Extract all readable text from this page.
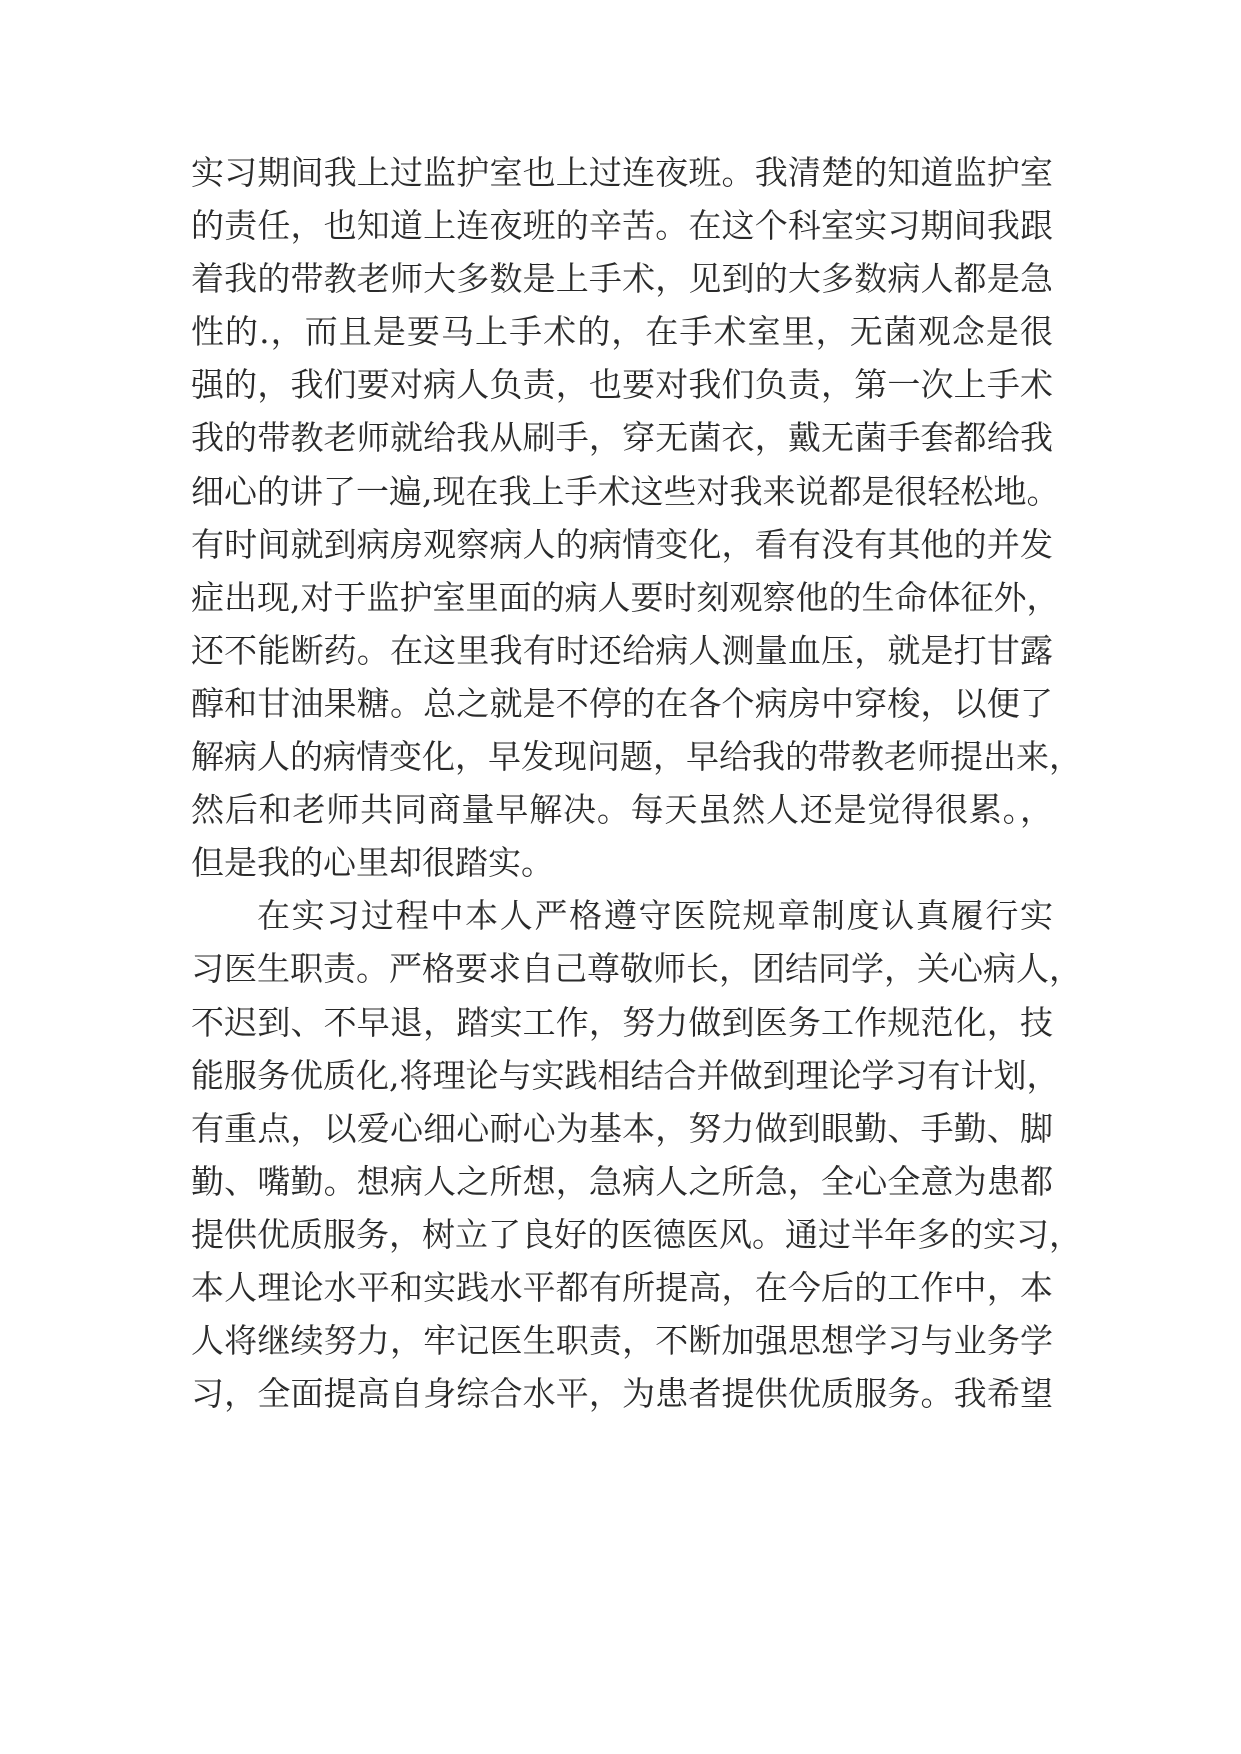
实习期间我上过监护室也上过连夜班。我清楚的知道监护室
的责任，也知道上连夜班的辛苦。在这个科室实习期间我跟
着我的带教老师大多数是上手术，见到的大多数病人都是急
性的.，而且是要马上手术的，在手术室里，无菌观念是很
强的，我们要对病人负责，也要对我们负责，第一次上手术
我的带教老师就给我从刷手，穿无菌衣，戴无菌手套都给我
细心的讲了一遍,现在我上手术这些对我来说都是很轻松地。
有时间就到病房观察病人的病情变化，看有没有其他的并发
症出现,对于监护室里面的病人要时刻观察他的生命体征外，
还不能断药。在这里我有时还给病人测量血压，就是打甘露
醇和甘油果糖。总之就是不停的在各个病房中穿梭，以便了
解病人的病情变化，早发现问题，早给我的带教老师提出来，
然后和老师共同商量早解决。每天虽然人还是觉得很累。，
但是我的心里却很踏实。
在实习过程中本人严格遵守医院规章制度认真履行实
习医生职责。严格要求自己尊敬师长，团结同学，关心病人，
不迟到、不早退，踏实工作，努力做到医务工作规范化，技
能服务优质化,将理论与实践相结合并做到理论学习有计划，
有重点，以爱心细心耐心为基本，努力做到眼勤、手勤、脚
勤、嘴勤。想病人之所想，急病人之所急，全心全意为患都
提供优质服务，树立了良好的医德医风。通过半年多的实习，
本人理论水平和实践水平都有所提高，在今后的工作中，本
人将继续努力，牢记医生职责，不断加强思想学习与业务学
习，全面提高自身综合水平，为患者提供优质服务。我希望
